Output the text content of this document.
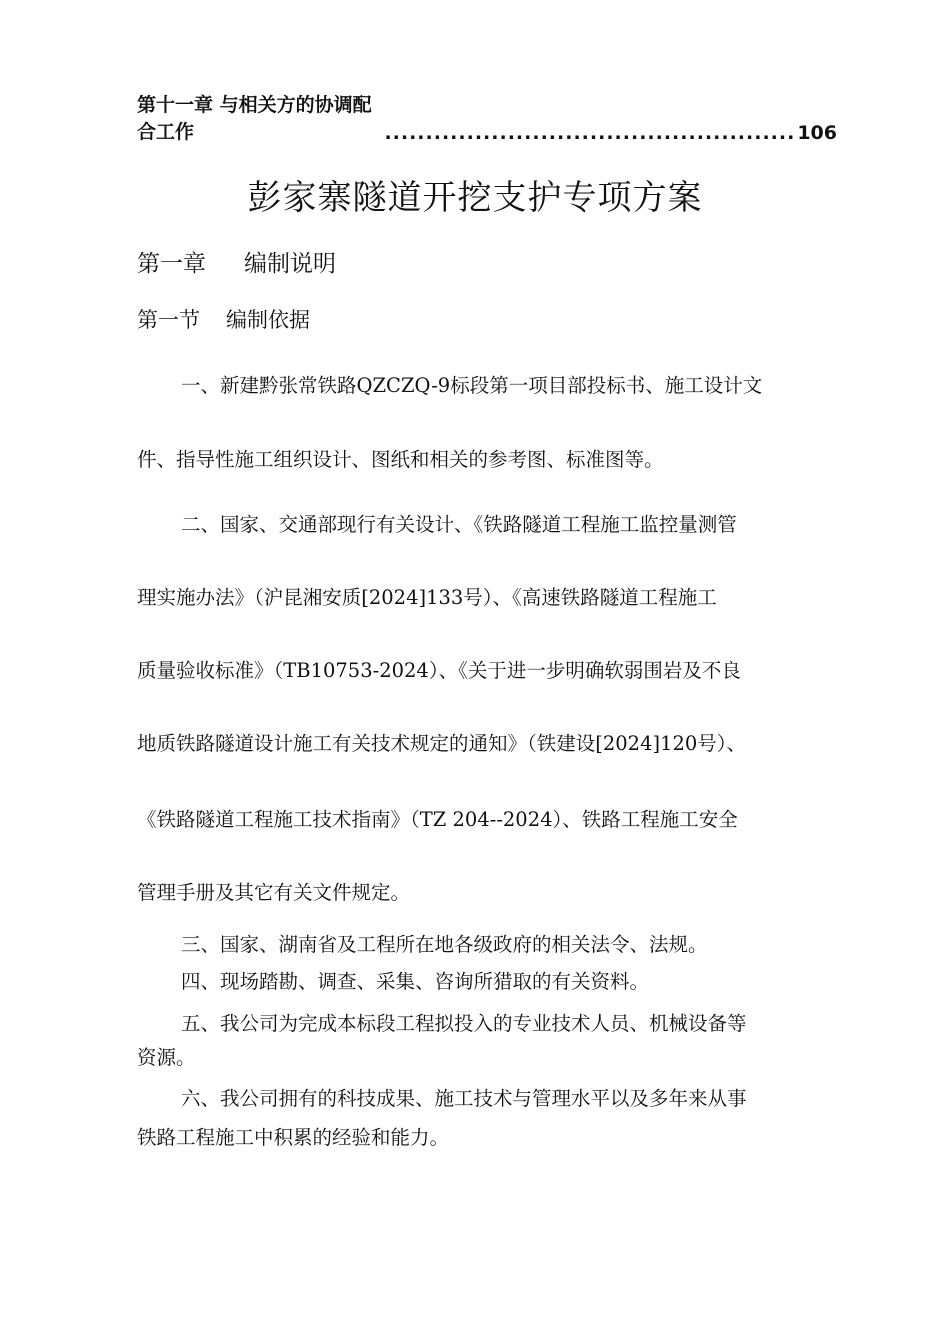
第十一章 与相关方的协调配合工作	.................................................. 106
彭家寨隧道开挖支护专项方案
第一章 编制说明
第一节 编制依据
一、新建黔张常铁路QZCZQ-9标段第一项目部投标书、施工设计文
件、指导性施工组织设计、图纸和相关的参考图、标准图等。
二、国家、交通部现行有关设计、《铁路隧道工程施工监控量测管
理实施办法》（沪昆湘安质[2024]133号）、《高速铁路隧道工程施工
质量验收标准》（TB10753-2024）、《关于进一步明确软弱围岩及不良
地质铁路隧道设计施工有关技术规定的通知》（铁建设[2024]120号）、
《铁路隧道工程施工技术指南》（TZ 204--2024）、铁路工程施工安全
管理手册及其它有关文件规定。
三、国家、湖南省及工程所在地各级政府的相关法令、法规。
四、现场踏勘、调查、采集、咨询所猎取的有关资料。
五、我公司为完成本标段工程拟投入的专业技术人员、机械设备等
资源。
六、我公司拥有的科技成果、施工技术与管理水平以及多年来从事
铁路工程施工中积累的经验和能力。
